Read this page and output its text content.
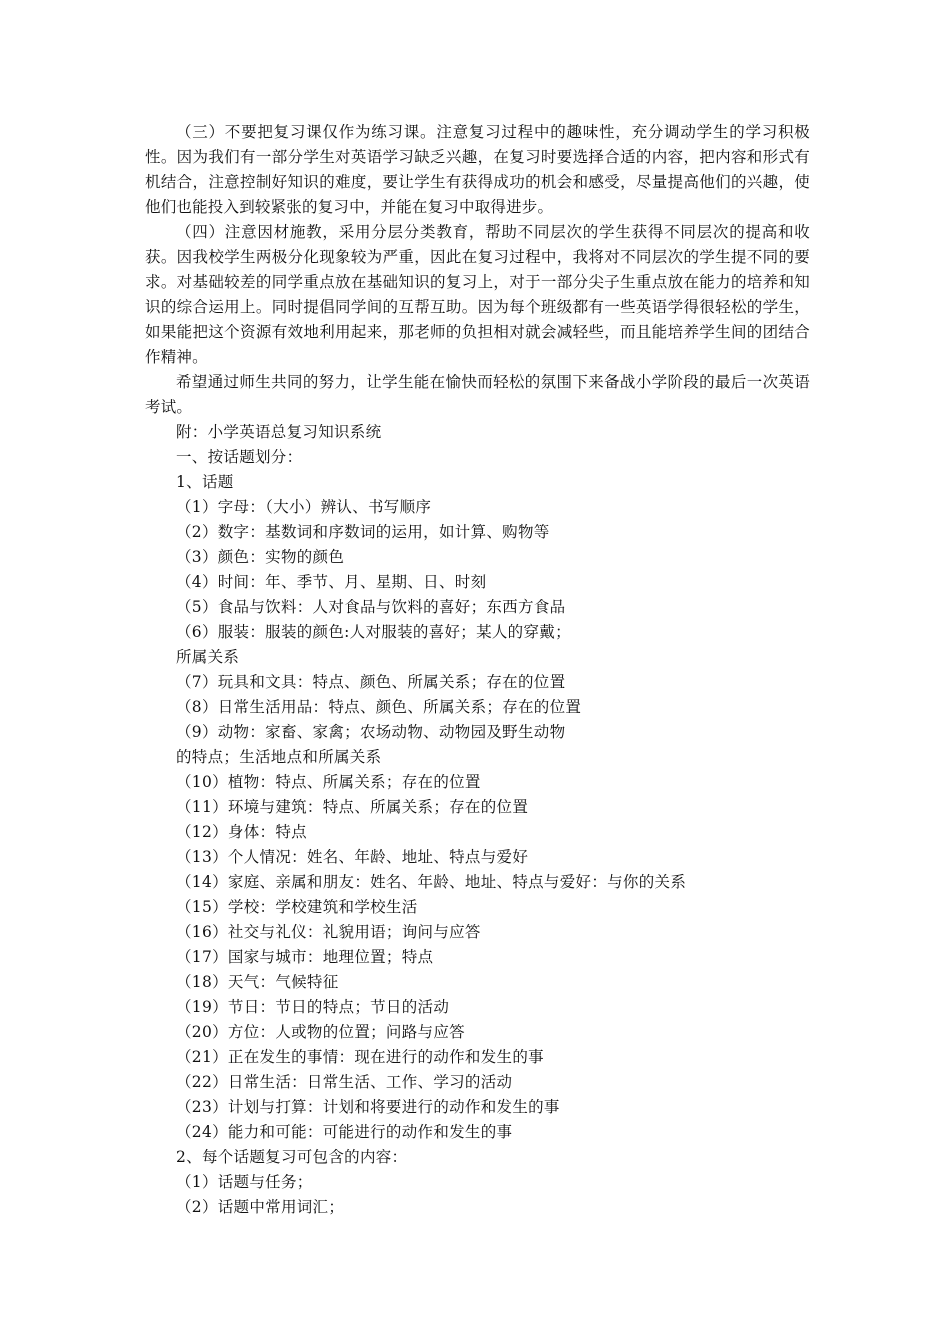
（三）不要把复习课仅作为练习课。注意复习过程中的趣味性，充分调动学生的学习积极性。因为我们有一部分学生对英语学习缺乏兴趣，在复习时要选择合适的内容，把内容和形式有机结合，注意控制好知识的难度，要让学生有获得成功的机会和感受，尽量提高他们的兴趣，使他们也能投入到较紧张的复习中，并能在复习中取得进步。

（四）注意因材施教，采用分层分类教育，帮助不同层次的学生获得不同层次的提高和收获。因我校学生两极分化现象较为严重，因此在复习过程中，我将对不同层次的学生提不同的要求。对基础较差的同学重点放在基础知识的复习上，对于一部分尖子生重点放在能力的培养和知识的综合运用上。同时提倡同学间的互帮互助。因为每个班级都有一些英语学得很轻松的学生，如果能把这个资源有效地利用起来，那老师的负担相对就会减轻些，而且能培养学生间的团结合作精神。

希望通过师生共同的努力，让学生能在愉快而轻松的氛围下来备战小学阶段的最后一次英语考试。

附：小学英语总复习知识系统

一、按话题划分：

1、话题

（1）字母：（大小）辨认、书写顺序

（2）数字：基数词和序数词的运用，如计算、购物等

（3）颜色：实物的颜色

（4）时间：年、季节、月、星期、日、时刻

（5）食品与饮料：人对食品与饮料的喜好；东西方食品

（6）服装：服装的颜色:人对服装的喜好；某人的穿戴；

所属关系

（7）玩具和文具：特点、颜色、所属关系；存在的位置

（8）日常生活用品：特点、颜色、所属关系；存在的位置

（9）动物：家畜、家禽；农场动物、动物园及野生动物

的特点；生活地点和所属关系

（10）植物：特点、所属关系；存在的位置

（11）环境与建筑：特点、所属关系；存在的位置

（12）身体：特点

（13）个人情况：姓名、年龄、地址、特点与爱好

（14）家庭、亲属和朋友：姓名、年龄、地址、特点与爱好：与你的关系

（15）学校：学校建筑和学校生活

（16）社交与礼仪：礼貌用语；询问与应答

（17）国家与城市：地理位置；特点

（18）天气：气候特征

（19）节日：节日的特点；节日的活动

（20）方位：人或物的位置；问路与应答

（21）正在发生的事情：现在进行的动作和发生的事

（22）日常生活：日常生活、工作、学习的活动

（23）计划与打算：计划和将要进行的动作和发生的事

（24）能力和可能：可能进行的动作和发生的事

2、每个话题复习可包含的内容：

（1）话题与任务；

（2）话题中常用词汇；
